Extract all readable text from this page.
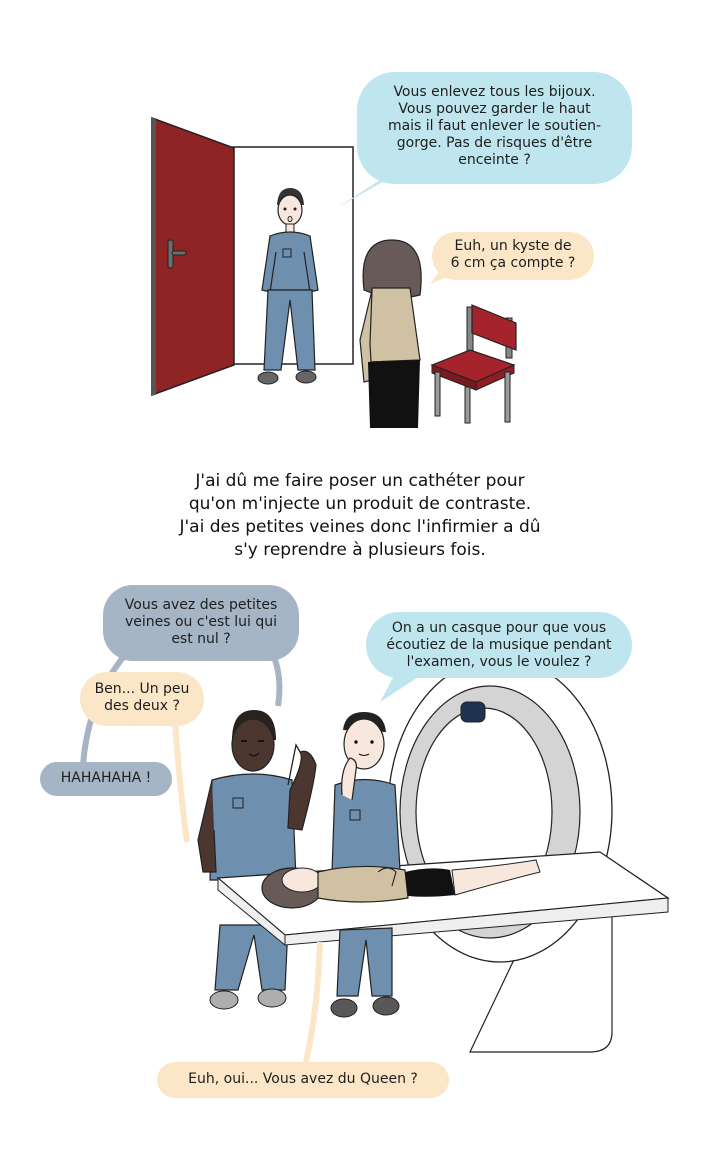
Vous enlevez tous les bijoux.
Vous pouvez garder le haut
mais il faut enlever le soutien-
gorge. Pas de risques d'être
enceinte ?
Euh, un kyste de
6 cm ça compte ?
J'ai dû me faire poser un cathéter pour
qu'on m'injecte un produit de contraste.
J'ai des petites veines donc l'infirmier a dû
s'y reprendre à plusieurs fois.
Vous avez des petites
veines ou c'est lui qui
est nul ?
Ben... Un peu
des deux ?
HAHAHAHA !
On a un casque pour que vous
écoutiez de la musique pendant
l'examen, vous le voulez ?
Euh, oui... Vous avez du Queen ?
